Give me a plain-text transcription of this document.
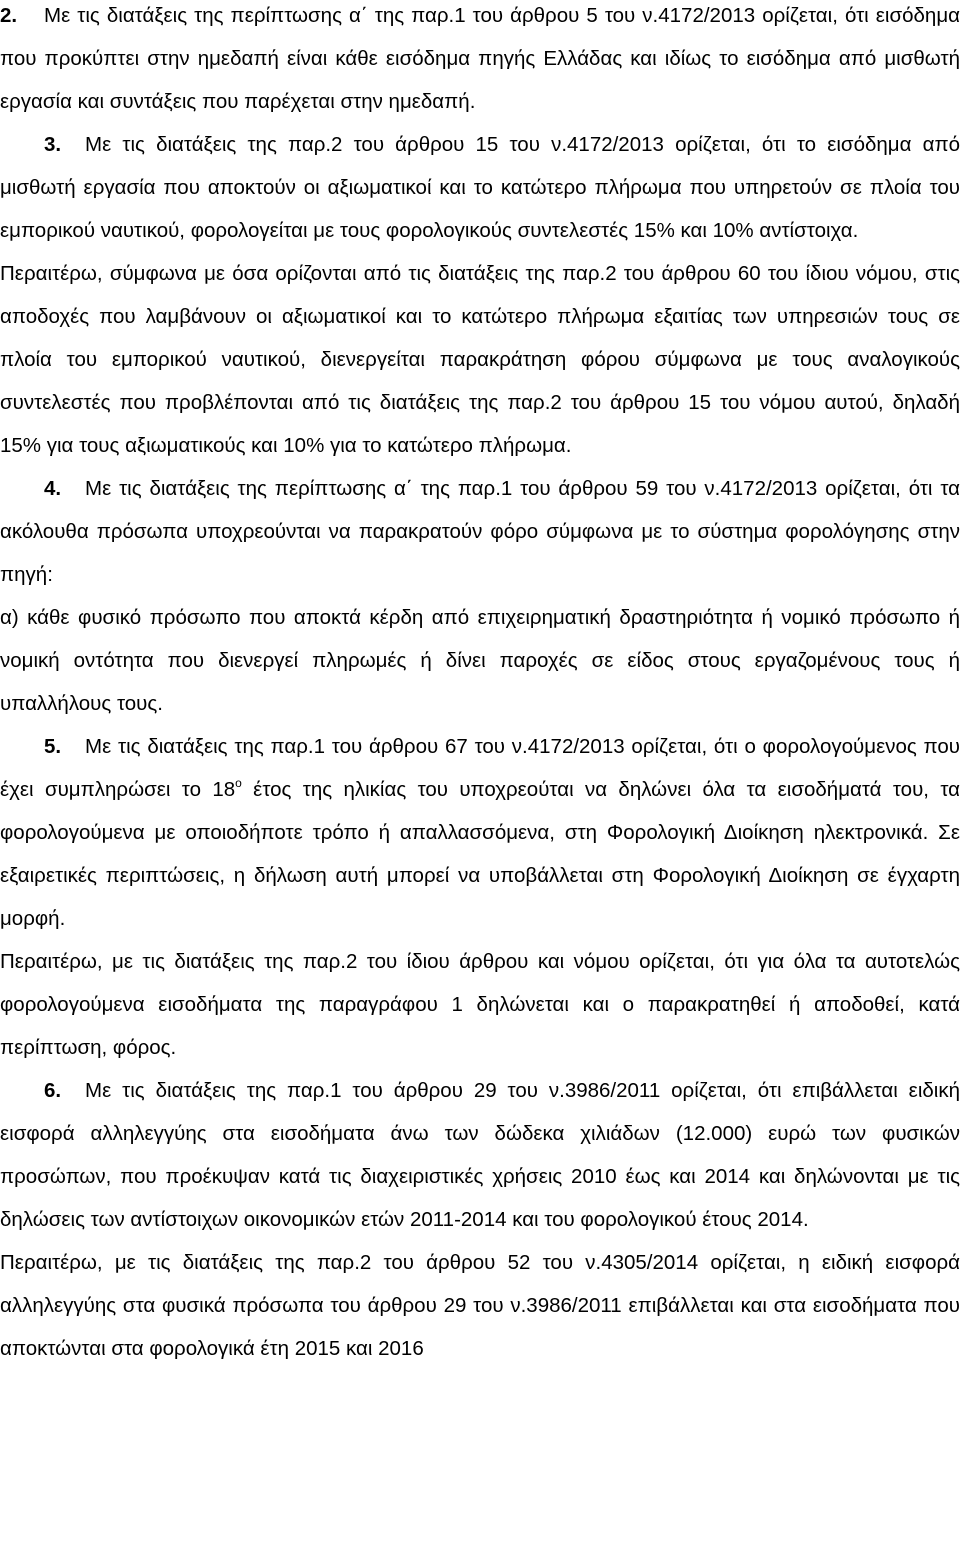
2. Με τις διατάξεις της περίπτωσης α΄ της παρ.1 του άρθρου 5 του ν.4172/2013 ορίζεται, ότι εισόδημα που προκύπτει στην ημεδαπή είναι κάθε εισόδημα πηγής Ελλάδας και ιδίως το εισόδημα από μισθωτή εργασία και συντάξεις που παρέχεται στην ημεδαπή.

3. Με τις διατάξεις της παρ.2 του άρθρου 15 του ν.4172/2013 ορίζεται, ότι το εισόδημα από μισθωτή εργασία που αποκτούν οι αξιωματικοί και το κατώτερο πλήρωμα που υπηρετούν σε πλοία του εμπορικού ναυτικού, φορολογείται με τους φορολογικούς συντελεστές 15% και 10% αντίστοιχα.

Περαιτέρω, σύμφωνα με όσα ορίζονται από τις διατάξεις της παρ.2 του άρθρου 60 του ίδιου νόμου, στις αποδοχές που λαμβάνουν οι αξιωματικοί και το κατώτερο πλήρωμα εξαιτίας των υπηρεσιών τους σε πλοία του εμπορικού ναυτικού, διενεργείται παρακράτηση φόρου σύμφωνα με τους αναλογικούς συντελεστές που προβλέπονται από τις διατάξεις της παρ.2 του άρθρου 15 του νόμου αυτού, δηλαδή 15% για τους αξιωματικούς και 10% για το κατώτερο πλήρωμα.

4. Με τις διατάξεις της περίπτωσης α΄ της παρ.1 του άρθρου 59 του ν.4172/2013 ορίζεται, ότι τα ακόλουθα πρόσωπα υποχρεούνται να παρακρατούν φόρο σύμφωνα με το σύστημα φορολόγησης στην πηγή:

α) κάθε φυσικό πρόσωπο που αποκτά κέρδη από επιχειρηματική δραστηριότητα ή νομικό πρόσωπο ή νομική οντότητα που διενεργεί πληρωμές ή δίνει παροχές σε είδος στους εργαζομένους τους ή υπαλλήλους τους.

5. Με τις διατάξεις της παρ.1 του άρθρου 67 του ν.4172/2013 ορίζεται, ότι ο φορολογούμενος που έχει συμπληρώσει το $18^o$ έτος της ηλικίας του υποχρεούται να δηλώνει όλα τα εισοδήματά του, τα φορολογούμενα με οποιοδήποτε τρόπο ή απαλλασσόμενα, στη Φορολογική Διοίκηση ηλεκτρονικά. Σε εξαιρετικές περιπτώσεις, η δήλωση αυτή μπορεί να υποβάλλεται στη Φορολογική Διοίκηση σε έγχαρτη μορφή.

Περαιτέρω, με τις διατάξεις της παρ.2 του ίδιου άρθρου και νόμου ορίζεται, ότι για όλα τα αυτοτελώς φορολογούμενα εισοδήματα της παραγράφου 1 δηλώνεται και ο παρακρατηθεί ή αποδοθεί, κατά περίπτωση, φόρος.

6. Με τις διατάξεις της παρ.1 του άρθρου 29 του ν.3986/2011 ορίζεται, ότι επιβάλλεται ειδική εισφορά αλληλεγγύης στα εισοδήματα άνω των δώδεκα χιλιάδων (12.000) ευρώ των φυσικών προσώπων, που προέκυψαν κατά τις διαχειριστικές χρήσεις 2010 έως και 2014 και δηλώνονται με τις δηλώσεις των αντίστοιχων οικονομικών ετών 2011-2014 και του φορολογικού έτους 2014.

Περαιτέρω, με τις διατάξεις της παρ.2 του άρθρου 52 του ν.4305/2014 ορίζεται, η ειδική εισφορά αλληλεγγύης στα φυσικά πρόσωπα του άρθρου 29 του ν.3986/2011 επιβάλλεται και στα εισοδήματα που αποκτώνται στα φορολογικά έτη 2015 και 2016
